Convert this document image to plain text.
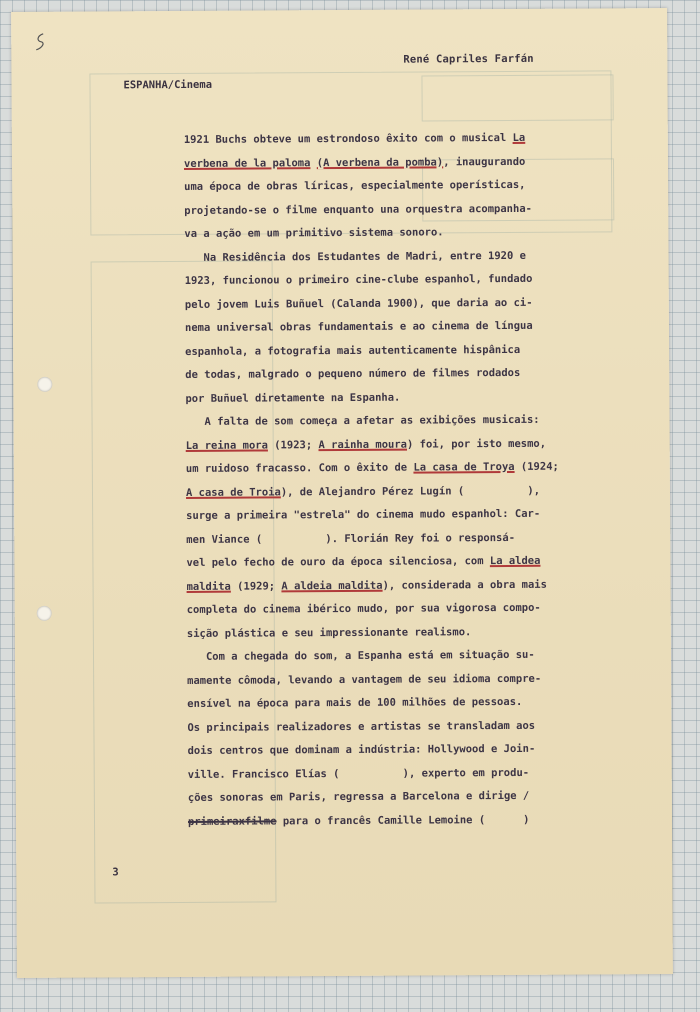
René Capriles Farfán
ESPANHA/Cinema
1921 Buchs obteve um estrondoso êxito com o musical La
verbena de la paloma (A verbena da pomba), inaugurando
uma época de obras líricas, especialmente operísticas,
projetando-se o filme enquanto una orquestra acompanha-
va a ação em um primitivo sistema sonoro.
Na Residência dos Estudantes de Madri, entre 1920 e
1923, funcionou o primeiro cine-clube espanhol, fundado
pelo jovem Luis Buñuel (Calanda 1900), que daria ao ci-
nema universal obras fundamentais e ao cinema de língua
espanhola, a fotografia mais autenticamente hispânica
de todas, malgrado o pequeno número de filmes rodados
por Buñuel diretamente na Espanha.
A falta de som começa a afetar as exibições musicais:
La reina mora (1923; A rainha moura) foi, por isto mesmo,
um ruidoso fracasso. Com o êxito de La casa de Troya (1924;
A casa de Troia), de Alejandro Pérez Lugín (          ),
surge a primeira "estrela" do cinema mudo espanhol: Car-
men Viance (          ). Florián Rey foi o responsá-
vel pelo fecho de ouro da época silenciosa, com La aldea
maldita (1929; A aldeia maldita), considerada a obra mais
completa do cinema ibérico mudo, por sua vigorosa compo-
sição plástica e seu impressionante realismo.
Com a chegada do som, a Espanha está em situação su-
mamente cômoda, levando a vantagem de seu idioma compre-
ensível na época para mais de 100 milhões de pessoas.
Os principais realizadores e artistas se transladam aos
dois centros que dominam a indústria: Hollywood e Join-
ville. Francisco Elías (          ), experto em produ-
ções sonoras em Paris, regressa a Barcelona e dirige /
primeiraxfilme para o francês Camille Lemoine (      )
3
